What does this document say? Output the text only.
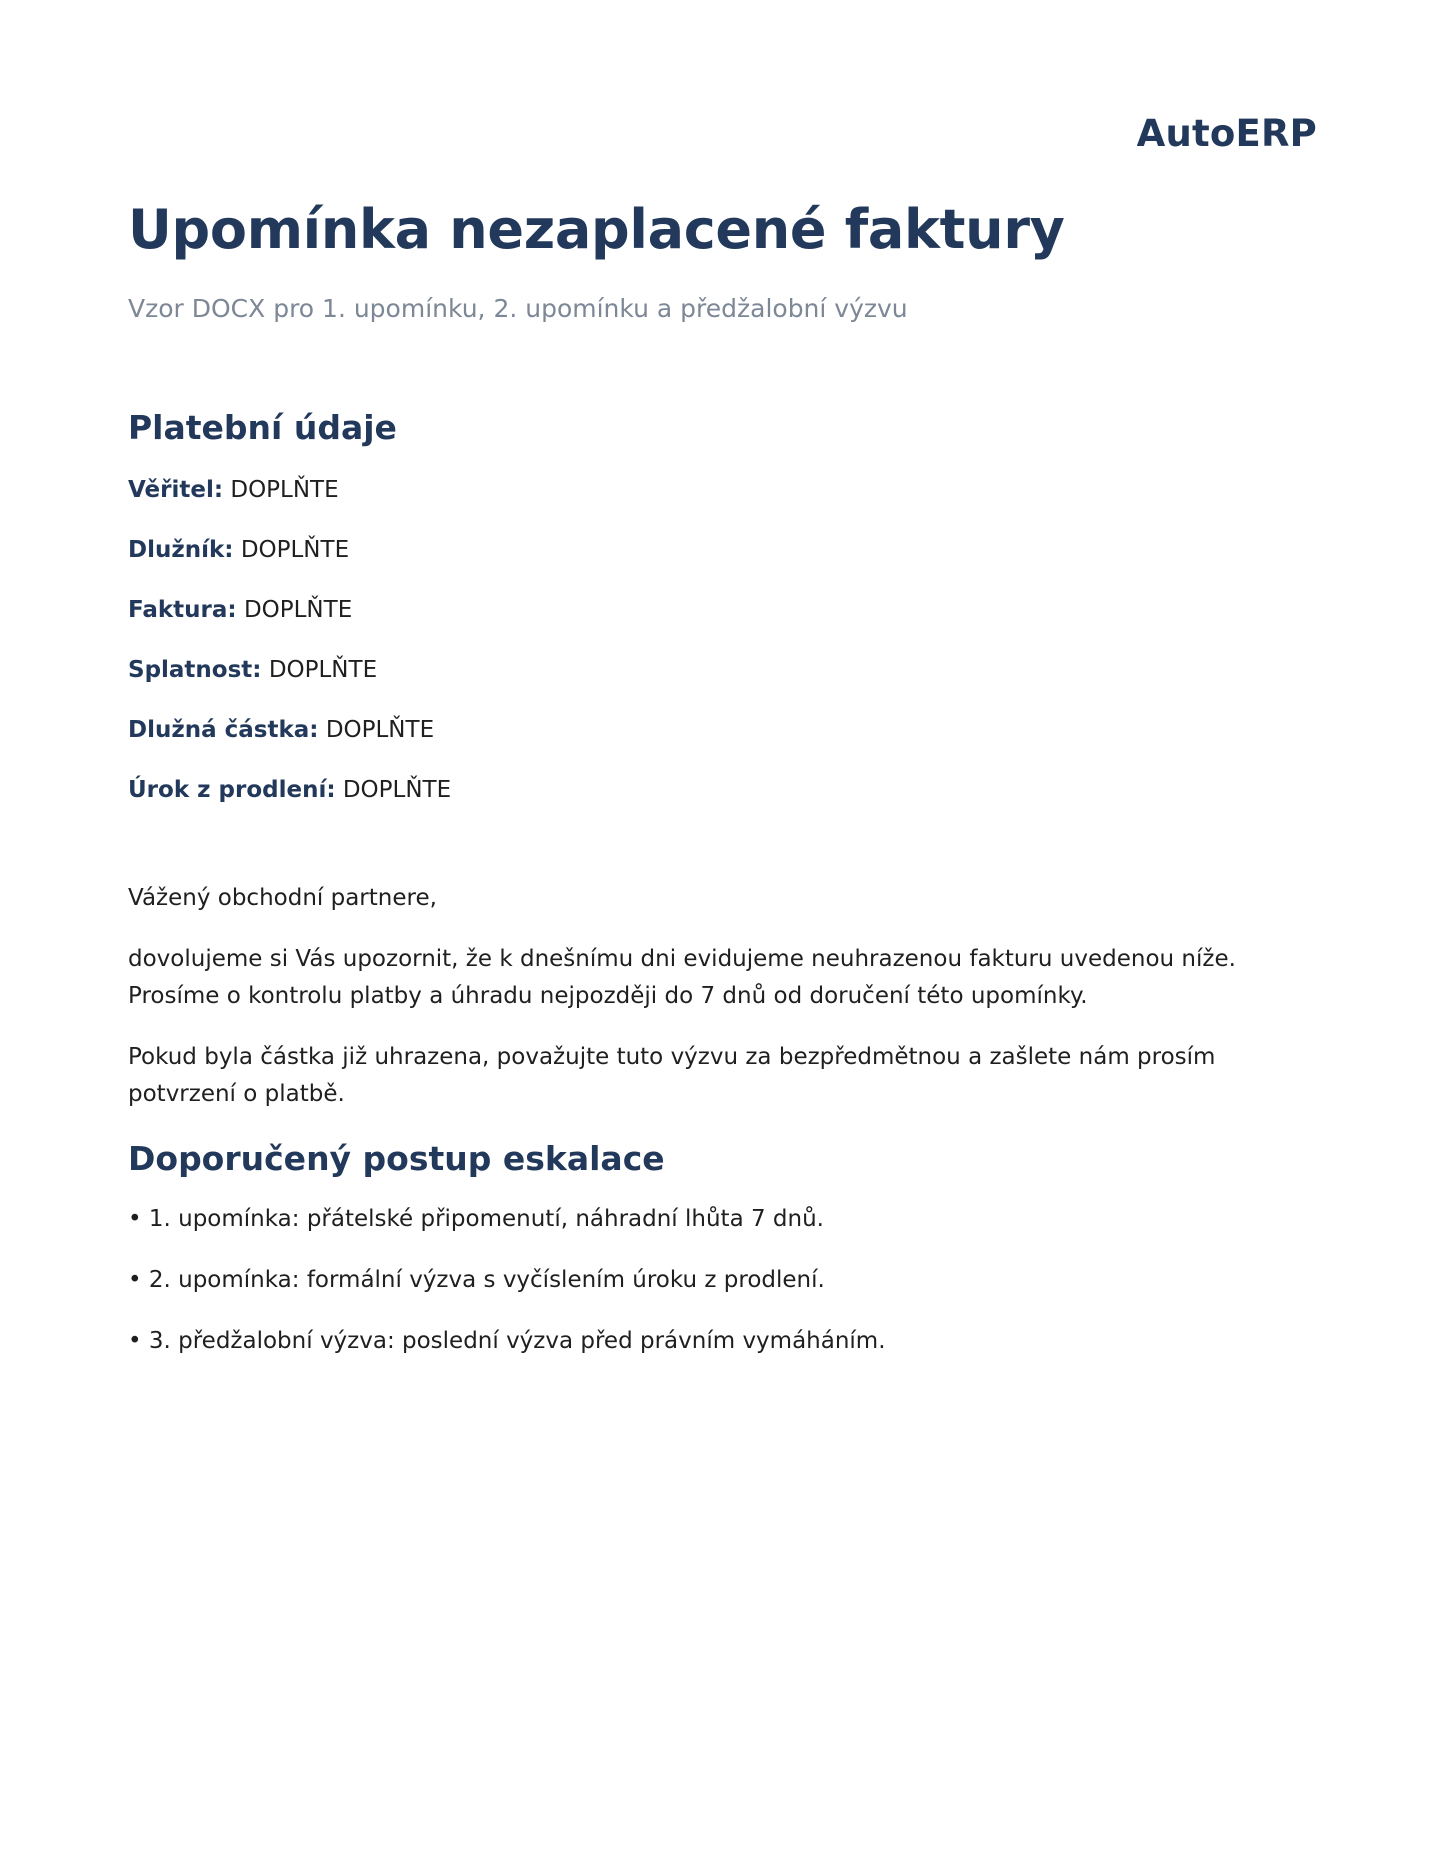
AutoERP
Upomínka nezaplacené faktury
Vzor DOCX pro 1. upomínku, 2. upomínku a předžalobní výzvu
Platební údaje
Věřitel: DOPLŇTE
Dlužník: DOPLŇTE
Faktura: DOPLŇTE
Splatnost: DOPLŇTE
Dlužná částka: DOPLŇTE
Úrok z prodlení: DOPLŇTE

Vážený obchodní partnere,

dovolujeme si Vás upozornit, že k dnešnímu dni evidujeme neuhrazenou fakturu uvedenou níže. Prosíme o kontrolu platby a úhradu nejpozději do 7 dnů od doručení této upomínky.

Pokud byla částka již uhrazena, považujte tuto výzvu za bezpředmětnou a zašlete nám prosím potvrzení o platbě.

Doporučený postup eskalace
• 1. upomínka: přátelské připomenutí, náhradní lhůta 7 dnů.
• 2. upomínka: formální výzva s vyčíslením úroku z prodlení.
• 3. předžalobní výzva: poslední výzva před právním vymáháním.
